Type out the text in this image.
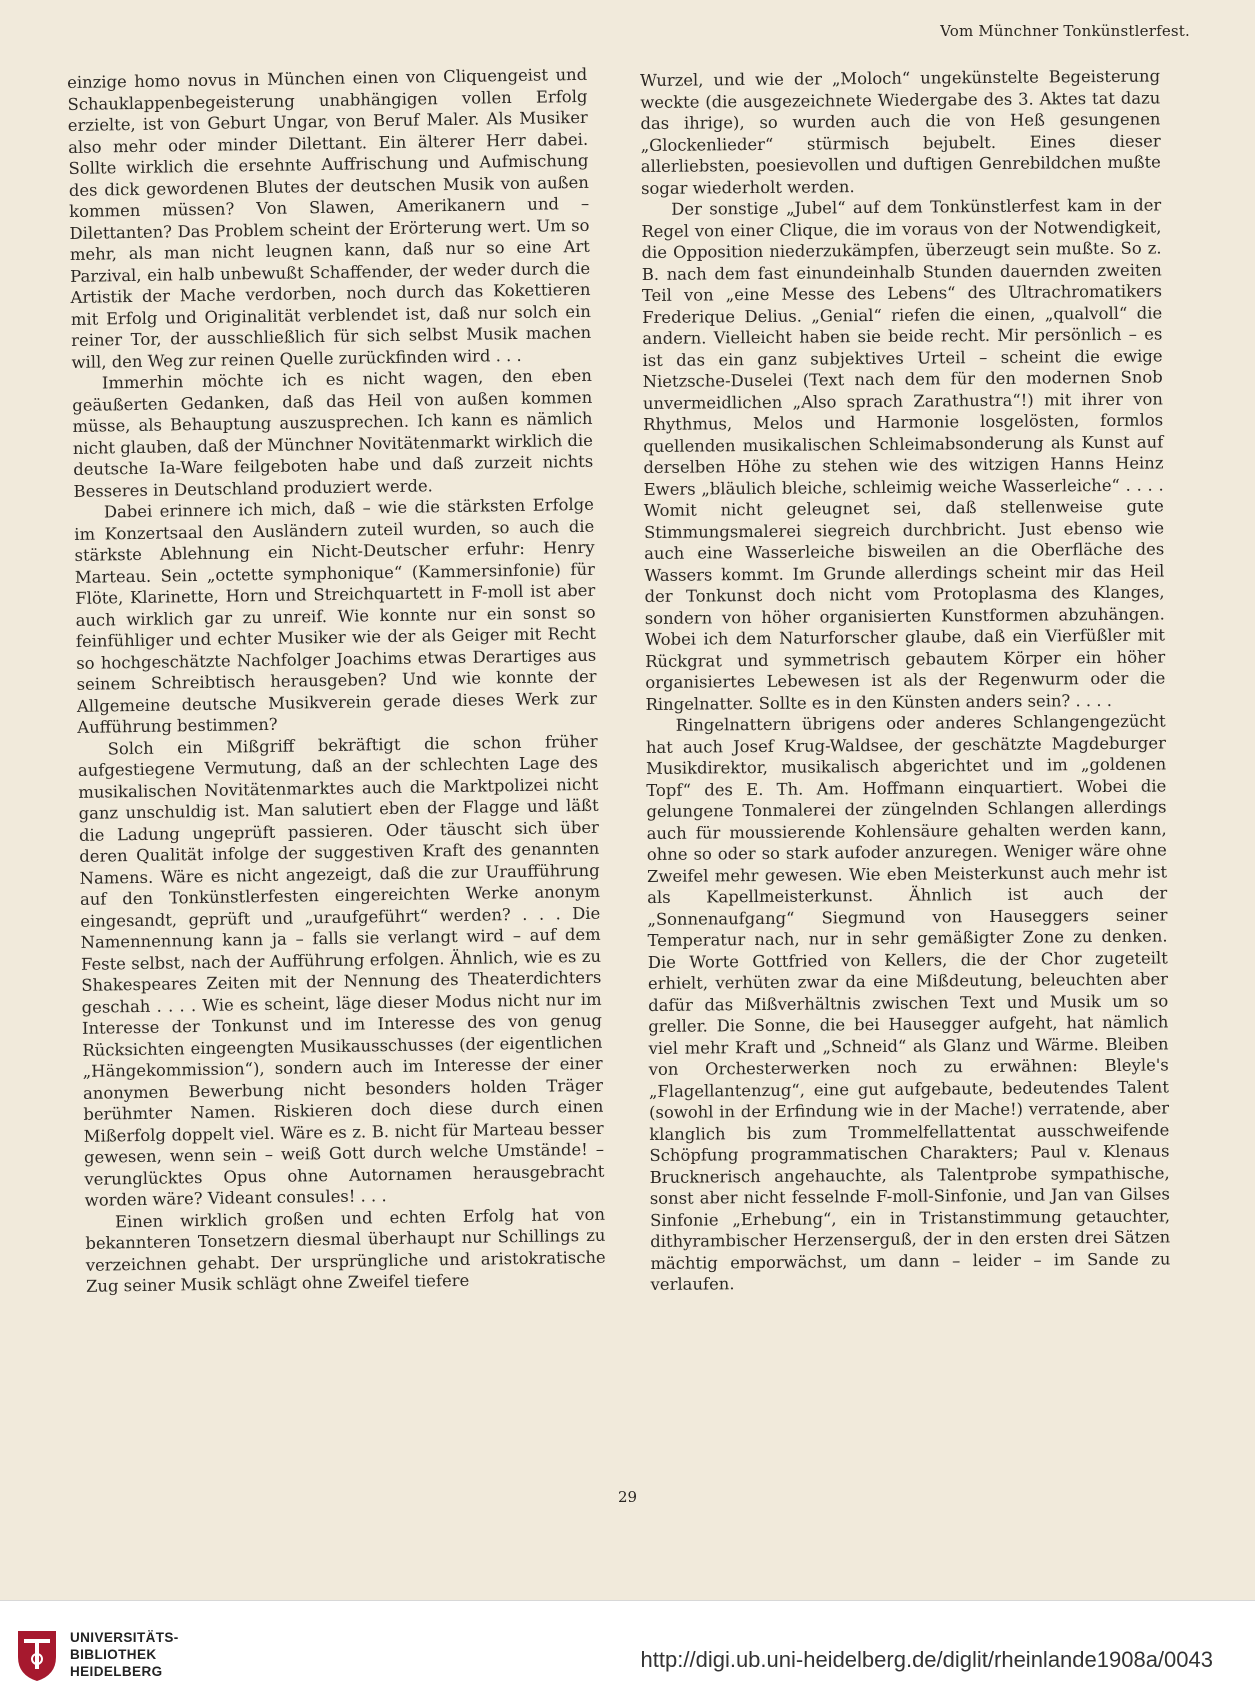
Vom Münchner Tonkünstlerfest.

einzige homo novus in München einen von Cliquengeist und Schauklappenbegeisterung unabhängigen vollen Erfolg erzielte, ist von Geburt Ungar, von Beruf Maler. Als Musiker also mehr oder minder Dilettant. Ein älterer Herr dabei. Sollte wirklich die ersehnte Auffrischung und Aufmischung des dick gewordenen Blutes der deutschen Musik von außen kommen müssen? Von Slawen, Amerikanern und – Dilettanten? Das Problem scheint der Erörterung wert. Um so mehr, als man nicht leugnen kann, daß nur so eine Art Parzival, ein halb unbewußt Schaffender, der weder durch die Artistik der Mache verdorben, noch durch das Kokettieren mit Erfolg und Originalität verblendet ist, daß nur solch ein reiner Tor, der ausschließlich für sich selbst Musik machen will, den Weg zur reinen Quelle zurückfinden wird . . .

Immerhin möchte ich es nicht wagen, den eben geäußerten Gedanken, daß das Heil von außen kommen müsse, als Behauptung auszusprechen. Ich kann es nämlich nicht glauben, daß der Münchner Novitätenmarkt wirklich die deutsche Ia-Ware feilgeboten habe und daß zurzeit nichts Besseres in Deutschland produziert werde.

Dabei erinnere ich mich, daß – wie die stärksten Erfolge im Konzertsaal den Ausländern zuteil wurden, so auch die stärkste Ablehnung ein Nicht-Deutscher erfuhr: Henry Marteau. Sein „octette symphonique“ (Kammersinfonie) für Flöte, Klarinette, Horn und Streichquartett in F-moll ist aber auch wirklich gar zu unreif. Wie konnte nur ein sonst so feinfühliger und echter Musiker wie der als Geiger mit Recht so hochgeschätzte Nachfolger Joachims etwas Derartiges aus seinem Schreibtisch herausgeben? Und wie konnte der Allgemeine deutsche Musikverein gerade dieses Werk zur Aufführung bestimmen?

Solch ein Mißgriff bekräftigt die schon früher aufgestiegene Vermutung, daß an der schlechten Lage des musikalischen Novitätenmarktes auch die Marktpolizei nicht ganz unschuldig ist. Man salutiert eben der Flagge und läßt die Ladung ungeprüft passieren. Oder täuscht sich über deren Qualität infolge der suggestiven Kraft des genannten Namens. Wäre es nicht angezeigt, daß die zur Uraufführung auf den Tonkünstlerfesten eingereichten Werke anonym eingesandt, geprüft und „uraufgeführt“ werden? . . . Die Namennennung kann ja – falls sie verlangt wird – auf dem Feste selbst, nach der Aufführung erfolgen. Ähnlich, wie es zu Shakespeares Zeiten mit der Nennung des Theaterdichters geschah . . . . Wie es scheint, läge dieser Modus nicht nur im Interesse der Tonkunst und im Interesse des von genug Rücksichten eingeengten Musikausschusses (der eigentlichen „Hängekommission“), sondern auch im Interesse der einer anonymen Bewerbung nicht besonders holden Träger berühmter Namen. Riskieren doch diese durch einen Mißerfolg doppelt viel. Wäre es z. B. nicht für Marteau besser gewesen, wenn sein – weiß Gott durch welche Umstände! – verunglücktes Opus ohne Autornamen herausgebracht worden wäre? Videant consules! . . .

Einen wirklich großen und echten Erfolg hat von bekannteren Tonsetzern diesmal überhaupt nur Schillings zu verzeichnen gehabt. Der ursprüngliche und aristokratische Zug seiner Musik schlägt ohne Zweifel tiefere

Wurzel, und wie der „Moloch“ ungekünstelte Begeisterung weckte (die ausgezeichnete Wiedergabe des 3. Aktes tat dazu das ihrige), so wurden auch die von Heß gesungenen „Glockenlieder“ stürmisch bejubelt. Eines dieser allerliebsten, poesievollen und duftigen Genrebildchen mußte sogar wiederholt werden.

Der sonstige „Jubel“ auf dem Tonkünstlerfest kam in der Regel von einer Clique, die im voraus von der Notwendigkeit, die Opposition niederzukämpfen, überzeugt sein mußte. So z. B. nach dem fast einundeinhalb Stunden dauernden zweiten Teil von „eine Messe des Lebens“ des Ultrachromatikers Frederique Delius. „Genial“ riefen die einen, „qualvoll“ die andern. Vielleicht haben sie beide recht. Mir persönlich – es ist das ein ganz subjektives Urteil – scheint die ewige Nietzsche-Duselei (Text nach dem für den modernen Snob unvermeidlichen „Also sprach Zarathustra“!) mit ihrer von Rhythmus, Melos und Harmonie losgelösten, formlos quellenden musikalischen Schleimabsonderung als Kunst auf derselben Höhe zu stehen wie des witzigen Hanns Heinz Ewers „bläulich bleiche, schleimig weiche Wasserleiche“ . . . . Womit nicht geleugnet sei, daß stellenweise gute Stimmungsmalerei siegreich durchbricht. Just ebenso wie auch eine Wasserleiche bisweilen an die Oberfläche des Wassers kommt. Im Grunde allerdings scheint mir das Heil der Tonkunst doch nicht vom Protoplasma des Klanges, sondern von höher organisierten Kunstformen abzuhängen. Wobei ich dem Naturforscher glaube, daß ein Vierfüßler mit Rückgrat und symmetrisch gebautem Körper ein höher organisiertes Lebewesen ist als der Regenwurm oder die Ringelnatter. Sollte es in den Künsten anders sein? . . . .

Ringelnattern übrigens oder anderes Schlangengezücht hat auch Josef Krug-Waldsee, der geschätzte Magdeburger Musikdirektor, musikalisch abgerichtet und im „goldenen Topf“ des E. Th. Am. Hoffmann einquartiert. Wobei die gelungene Tonmalerei der züngelnden Schlangen allerdings auch für moussierende Kohlensäure gehalten werden kann, ohne so oder so stark aufoder anzuregen. Weniger wäre ohne Zweifel mehr gewesen. Wie eben Meisterkunst auch mehr ist als Kapellmeisterkunst. Ähnlich ist auch der „Sonnenaufgang“ Siegmund von Hauseggers seiner Temperatur nach, nur in sehr gemäßigter Zone zu denken. Die Worte Gottfried von Kellers, die der Chor zugeteilt erhielt, verhüten zwar da eine Mißdeutung, beleuchten aber dafür das Mißverhältnis zwischen Text und Musik um so greller. Die Sonne, die bei Hausegger aufgeht, hat nämlich viel mehr Kraft und „Schneid“ als Glanz und Wärme. Bleiben von Orchesterwerken noch zu erwähnen: Bleyle's „Flagellantenzug“, eine gut aufgebaute, bedeutendes Talent (sowohl in der Erfindung wie in der Mache!) verratende, aber klanglich bis zum Trommelfellattentat ausschweifende Schöpfung programmatischen Charakters; Paul v. Klenaus Brucknerisch angehauchte, als Talentprobe sympathische, sonst aber nicht fesselnde F-moll-Sinfonie, und Jan van Gilses Sinfonie „Erhebung“, ein in Tristanstimmung getauchter, dithyrambischer Herzenserguß, der in den ersten drei Sätzen mächtig emporwächst, um dann – leider – im Sande zu verlaufen.

29
UNIVERSITÄTS-
BIBLIOTHEK
HEIDELBERG	http://digi.ub.uni-heidelberg.de/diglit/rheinlande1908a/0043
